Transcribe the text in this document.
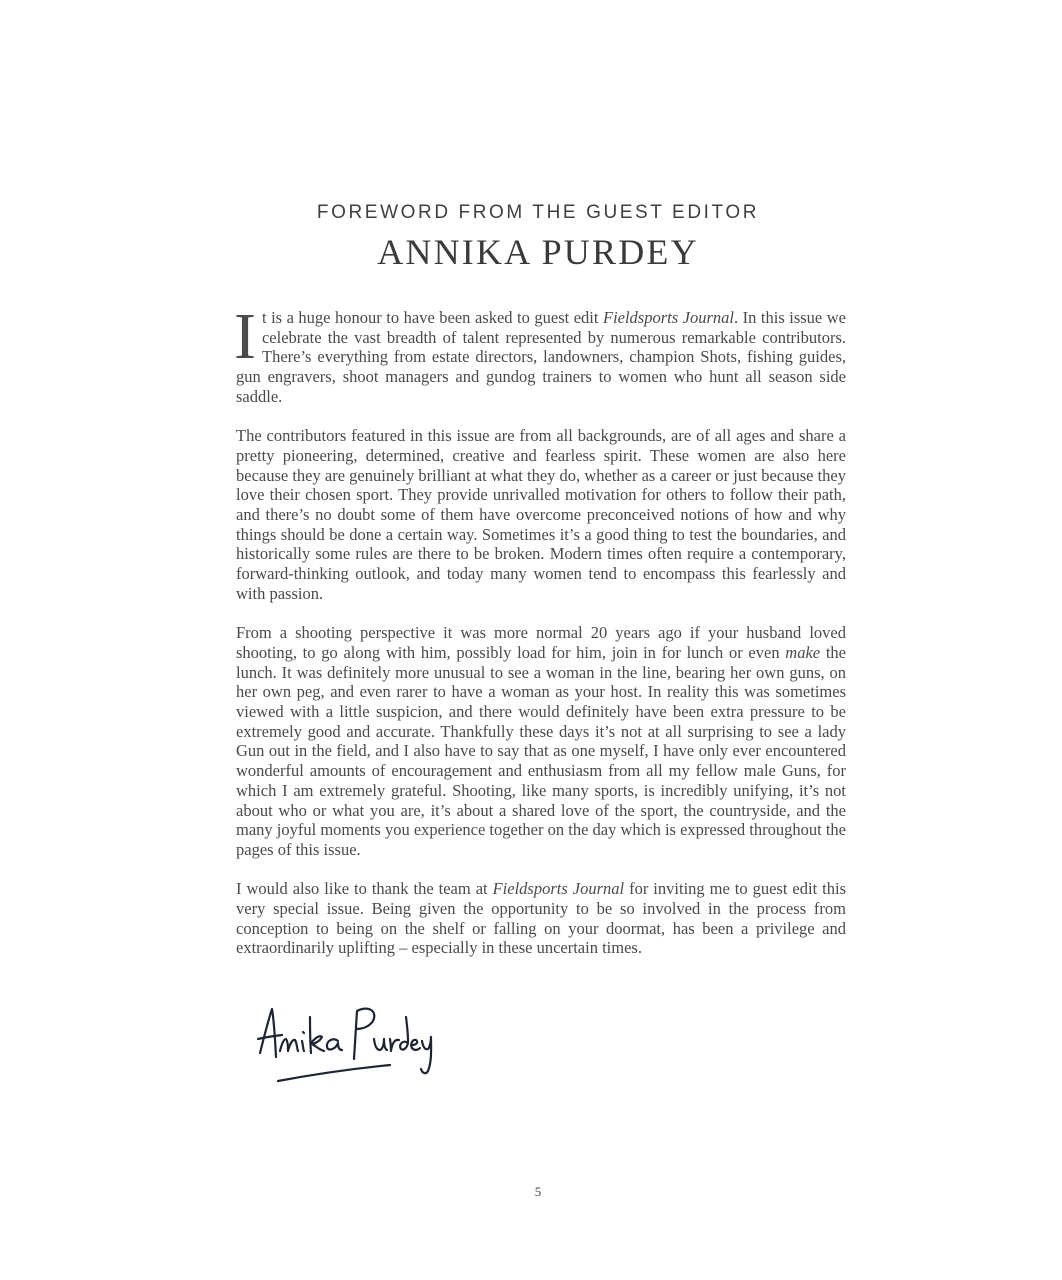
FOREWORD FROM THE GUEST EDITOR
ANNIKA PURDEY

It is a huge honour to have been asked to guest edit Fieldsports Journal. In this issue we celebrate the vast breadth of talent represented by numerous remarkable contributors. There’s everything from estate directors, landowners, champion Shots, fishing guides, gun engravers, shoot managers and gundog trainers to women who hunt all season side saddle.

The contributors featured in this issue are from all backgrounds, are of all ages and share a pretty pioneering, determined, creative and fearless spirit. These women are also here because they are genuinely brilliant at what they do, whether as a career or just because they love their chosen sport. They provide unrivalled motivation for others to follow their path, and there’s no doubt some of them have overcome preconceived notions of how and why things should be done a certain way. Sometimes it’s a good thing to test the boundaries, and historically some rules are there to be broken. Modern times often require a contemporary, forward-thinking outlook, and today many women tend to encompass this fearlessly and with passion.

From a shooting perspective it was more normal 20 years ago if your husband loved shooting, to go along with him, possibly load for him, join in for lunch or even make the lunch. It was definitely more unusual to see a woman in the line, bearing her own guns, on her own peg, and even rarer to have a woman as your host. In reality this was sometimes viewed with a little suspicion, and there would definitely have been extra pressure to be extremely good and accurate. Thankfully these days it’s not at all surprising to see a lady Gun out in the field, and I also have to say that as one myself, I have only ever encountered wonderful amounts of encouragement and enthusiasm from all my fellow male Guns, for which I am extremely grateful. Shooting, like many sports, is incredibly unifying, it’s not about who or what you are, it’s about a shared love of the sport, the countryside, and the many joyful moments you experience together on the day which is expressed throughout the pages of this issue.

I would also like to thank the team at Fieldsports Journal for inviting me to guest edit this very special issue. Being given the opportunity to be so involved in the process from conception to being on the shelf or falling on your doormat, has been a privilege and extraordinarily uplifting – especially in these uncertain times.

5
